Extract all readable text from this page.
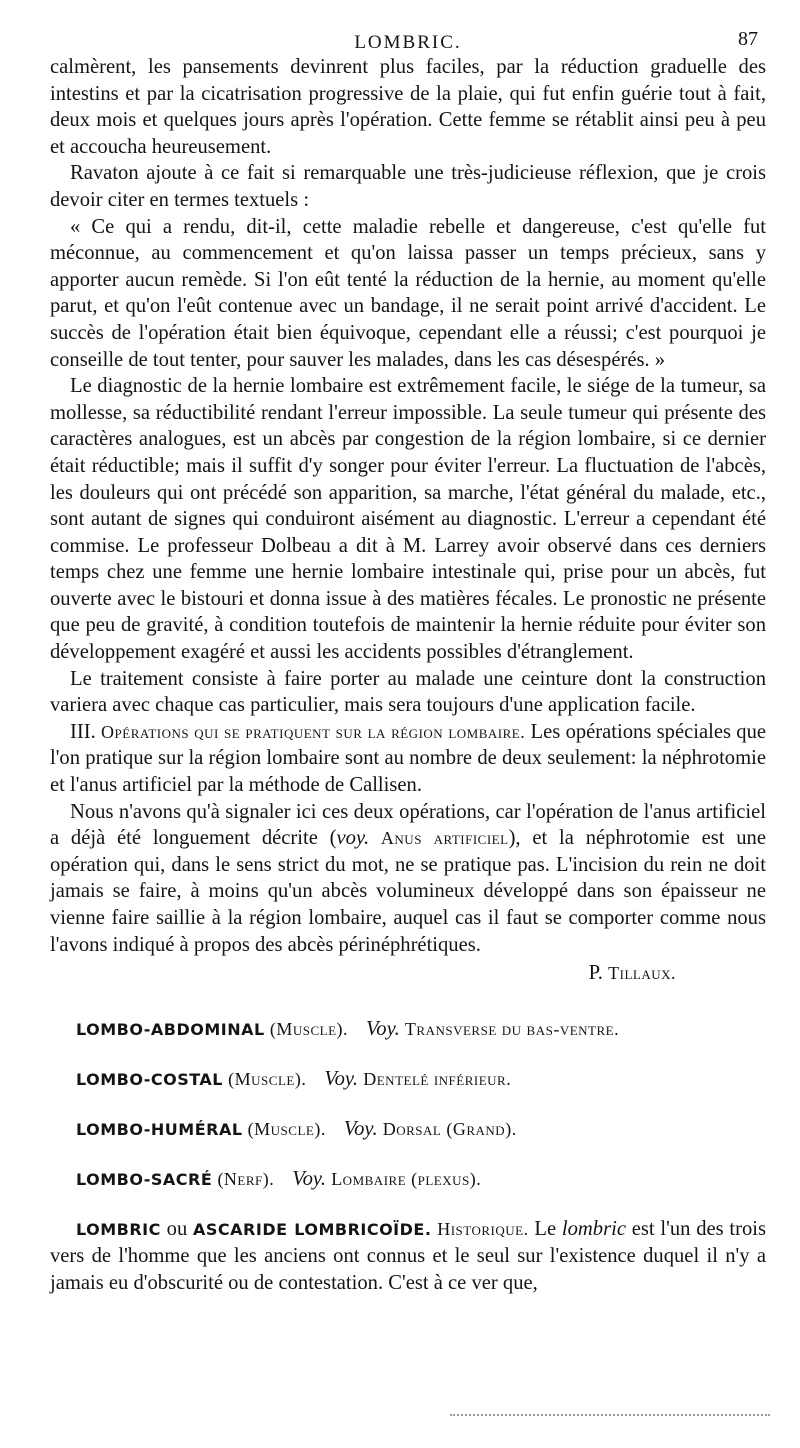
LOMBRIC.	87

calmèrent, les pansements devinrent plus faciles, par la réduction graduelle des intestins et par la cicatrisation progressive de la plaie, qui fut enfin guérie tout à fait, deux mois et quelques jours après l'opération. Cette femme se rétablit ainsi peu à peu et accoucha heureusement.

Ravaton ajoute à ce fait si remarquable une très-judicieuse réflexion, que je crois devoir citer en termes textuels :

« Ce qui a rendu, dit-il, cette maladie rebelle et dangereuse, c'est qu'elle fut méconnue, au commencement et qu'on laissa passer un temps précieux, sans y apporter aucun remède. Si l'on eût tenté la réduction de la hernie, au moment qu'elle parut, et qu'on l'eût contenue avec un bandage, il ne serait point arrivé d'accident. Le succès de l'opération était bien équivoque, cependant elle a réussi; c'est pourquoi je conseille de tout tenter, pour sauver les malades, dans les cas désespérés. »

Le diagnostic de la hernie lombaire est extrêmement facile, le siége de la tumeur, sa mollesse, sa réductibilité rendant l'erreur impossible. La seule tumeur qui présente des caractères analogues, est un abcès par congestion de la région lombaire, si ce dernier était réductible; mais il suffit d'y songer pour éviter l'erreur. La fluctuation de l'abcès, les douleurs qui ont précédé son apparition, sa marche, l'état général du malade, etc., sont autant de signes qui conduiront aisément au diagnostic. L'erreur a cependant été commise. Le professeur Dolbeau a dit à M. Larrey avoir observé dans ces derniers temps chez une femme une hernie lombaire intestinale qui, prise pour un abcès, fut ouverte avec le bistouri et donna issue à des matières fécales. Le pronostic ne présente que peu de gravité, à condition toutefois de maintenir la hernie réduite pour éviter son développement exagéré et aussi les accidents possibles d'étranglement.

Le traitement consiste à faire porter au malade une ceinture dont la construction variera avec chaque cas particulier, mais sera toujours d'une application facile.

III. Opérations qui se pratiquent sur la région lombaire. Les opérations spéciales que l'on pratique sur la région lombaire sont au nombre de deux seulement: la néphrotomie et l'anus artificiel par la méthode de Callisen.

Nous n'avons qu'à signaler ici ces deux opérations, car l'opération de l'anus artificiel a déjà été longuement décrite (voy. Anus artificiel), et la néphrotomie est une opération qui, dans le sens strict du mot, ne se pratique pas. L'incision du rein ne doit jamais se faire, à moins qu'un abcès volumineux développé dans son épaisseur ne vienne faire saillie à la région lombaire, auquel cas il faut se comporter comme nous l'avons indiqué à propos des abcès périnéphrétiques.

P. Tillaux.
LOMBO-ABDOMINAL (Muscle). Voy. Transverse du bas-ventre.
LOMBO-COSTAL (Muscle). Voy. Dentelé inférieur.
LOMBO-HUMÉRAL (Muscle). Voy. Dorsal (Grand).
LOMBO-SACRÉ (Nerf). Voy. Lombaire (plexus).
LOMBRIC ou ASCARIDE LOMBRICOÏDE. Historique. Le lombric est l'un des trois vers de l'homme que les anciens ont connus et le seul sur l'existence duquel il n'y a jamais eu d'obscurité ou de contestation. C'est à ce ver que,
